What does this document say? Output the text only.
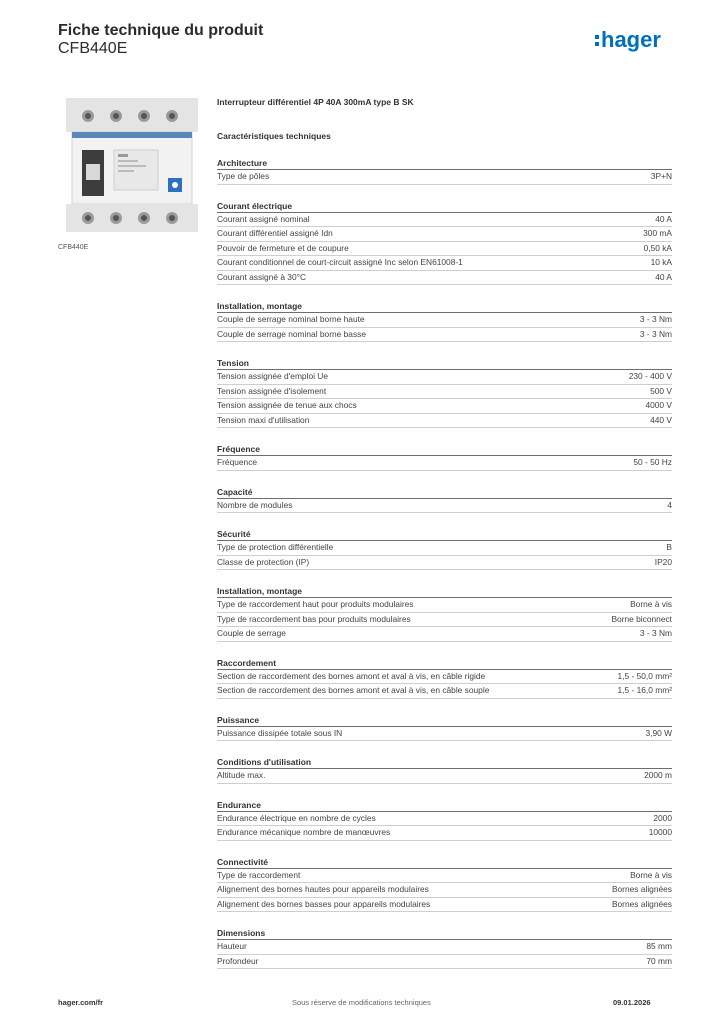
Fiche technique du produit
CFB440E	hager
CFB440E
Interrupteur différentiel 4P 40A 300mA type B SK
Caractéristiques techniques
Architecture
Type de pôles	3P+N
Courant électrique
Courant assigné nominal	40 A
Courant différentiel assigné Idn	300 mA
Pouvoir de fermeture et de coupure	0,50 kA
Courant conditionnel de court-circuit assigné Inc selon EN61008-1	10 kA
Courant assigné à 30°C	40 A
Installation, montage
Couple de serrage nominal borne haute	3 - 3 Nm
Couple de serrage nominal borne basse	3 - 3 Nm
Tension
Tension assignée d'emploi Ue	230 - 400 V
Tension assignée d'isolement	500 V
Tension assignée de tenue aux chocs	4000 V
Tension maxi d'utilisation	440 V
Fréquence
Fréquence	50 - 50 Hz
Capacité
Nombre de modules	4
Sécurité
Type de protection différentielle	B
Classe de protection (IP)	IP20
Installation, montage
Type de raccordement haut pour produits modulaires	Borne à vis
Type de raccordement bas pour produits modulaires	Borne biconnect
Couple de serrage	3 - 3 Nm
Raccordement
Section de raccordement des bornes amont et aval à vis, en câble rigide	1,5 - 50,0 mm²
Section de raccordement des bornes amont et aval à vis, en câble souple	1,5 - 16,0 mm²
Puissance
Puissance dissipée totale sous IN	3,90 W
Conditions d'utilisation
Altitude max.	2000 m
Endurance
Endurance électrique en nombre de cycles	2000
Endurance mécanique nombre de manœuvres	10000
Connectivité
Type de raccordement	Borne à vis
Alignement des bornes hautes pour appareils modulaires	Bornes alignées
Alignement des bornes basses pour appareils modulaires	Bornes alignées
Dimensions
Hauteur	85 mm
Profondeur	70 mm
hager.com/fr	Sous réserve de modifications techniques	09.01.2026
